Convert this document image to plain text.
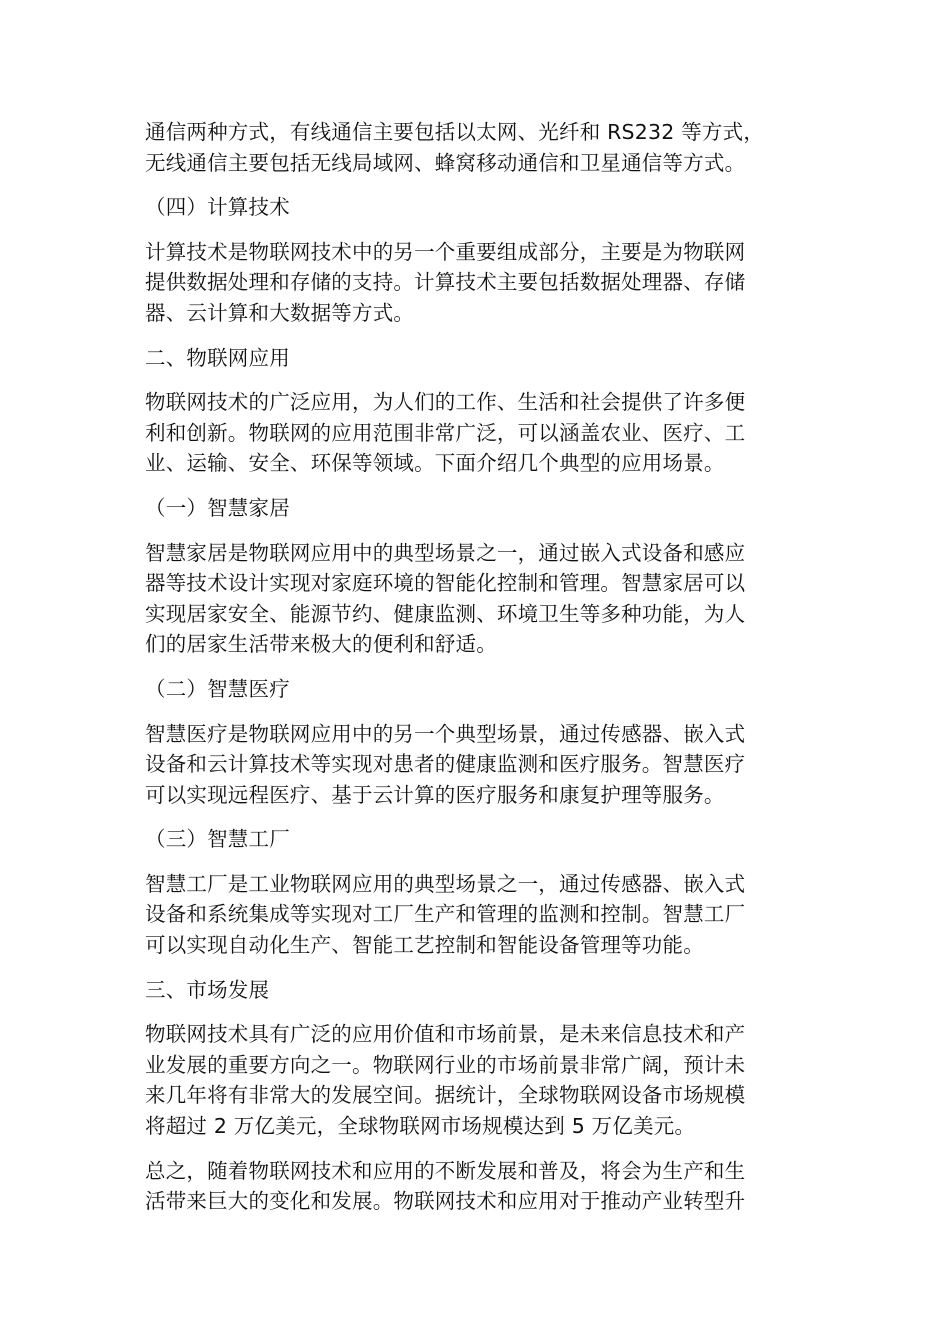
通信两种方式，有线通信主要包括以太网、光纤和 RS232 等方式，
无线通信主要包括无线局域网、蜂窝移动通信和卫星通信等方式。
（四）计算技术
计算技术是物联网技术中的另一个重要组成部分，主要是为物联网
提供数据处理和存储的支持。计算技术主要包括数据处理器、存储
器、云计算和大数据等方式。
二、物联网应用
物联网技术的广泛应用，为人们的工作、生活和社会提供了许多便
利和创新。物联网的应用范围非常广泛，可以涵盖农业、医疗、工
业、运输、安全、环保等领域。下面介绍几个典型的应用场景。
（一）智慧家居
智慧家居是物联网应用中的典型场景之一，通过嵌入式设备和感应
器等技术设计实现对家庭环境的智能化控制和管理。智慧家居可以
实现居家安全、能源节约、健康监测、环境卫生等多种功能，为人
们的居家生活带来极大的便利和舒适。
（二）智慧医疗
智慧医疗是物联网应用中的另一个典型场景，通过传感器、嵌入式
设备和云计算技术等实现对患者的健康监测和医疗服务。智慧医疗
可以实现远程医疗、基于云计算的医疗服务和康复护理等服务。
（三）智慧工厂
智慧工厂是工业物联网应用的典型场景之一，通过传感器、嵌入式
设备和系统集成等实现对工厂生产和管理的监测和控制。智慧工厂
可以实现自动化生产、智能工艺控制和智能设备管理等功能。
三、市场发展
物联网技术具有广泛的应用价值和市场前景，是未来信息技术和产
业发展的重要方向之一。物联网行业的市场前景非常广阔，预计未
来几年将有非常大的发展空间。据统计，全球物联网设备市场规模
将超过 2 万亿美元，全球物联网市场规模达到 5 万亿美元。
总之，随着物联网技术和应用的不断发展和普及，将会为生产和生
活带来巨大的变化和发展。物联网技术和应用对于推动产业转型升
